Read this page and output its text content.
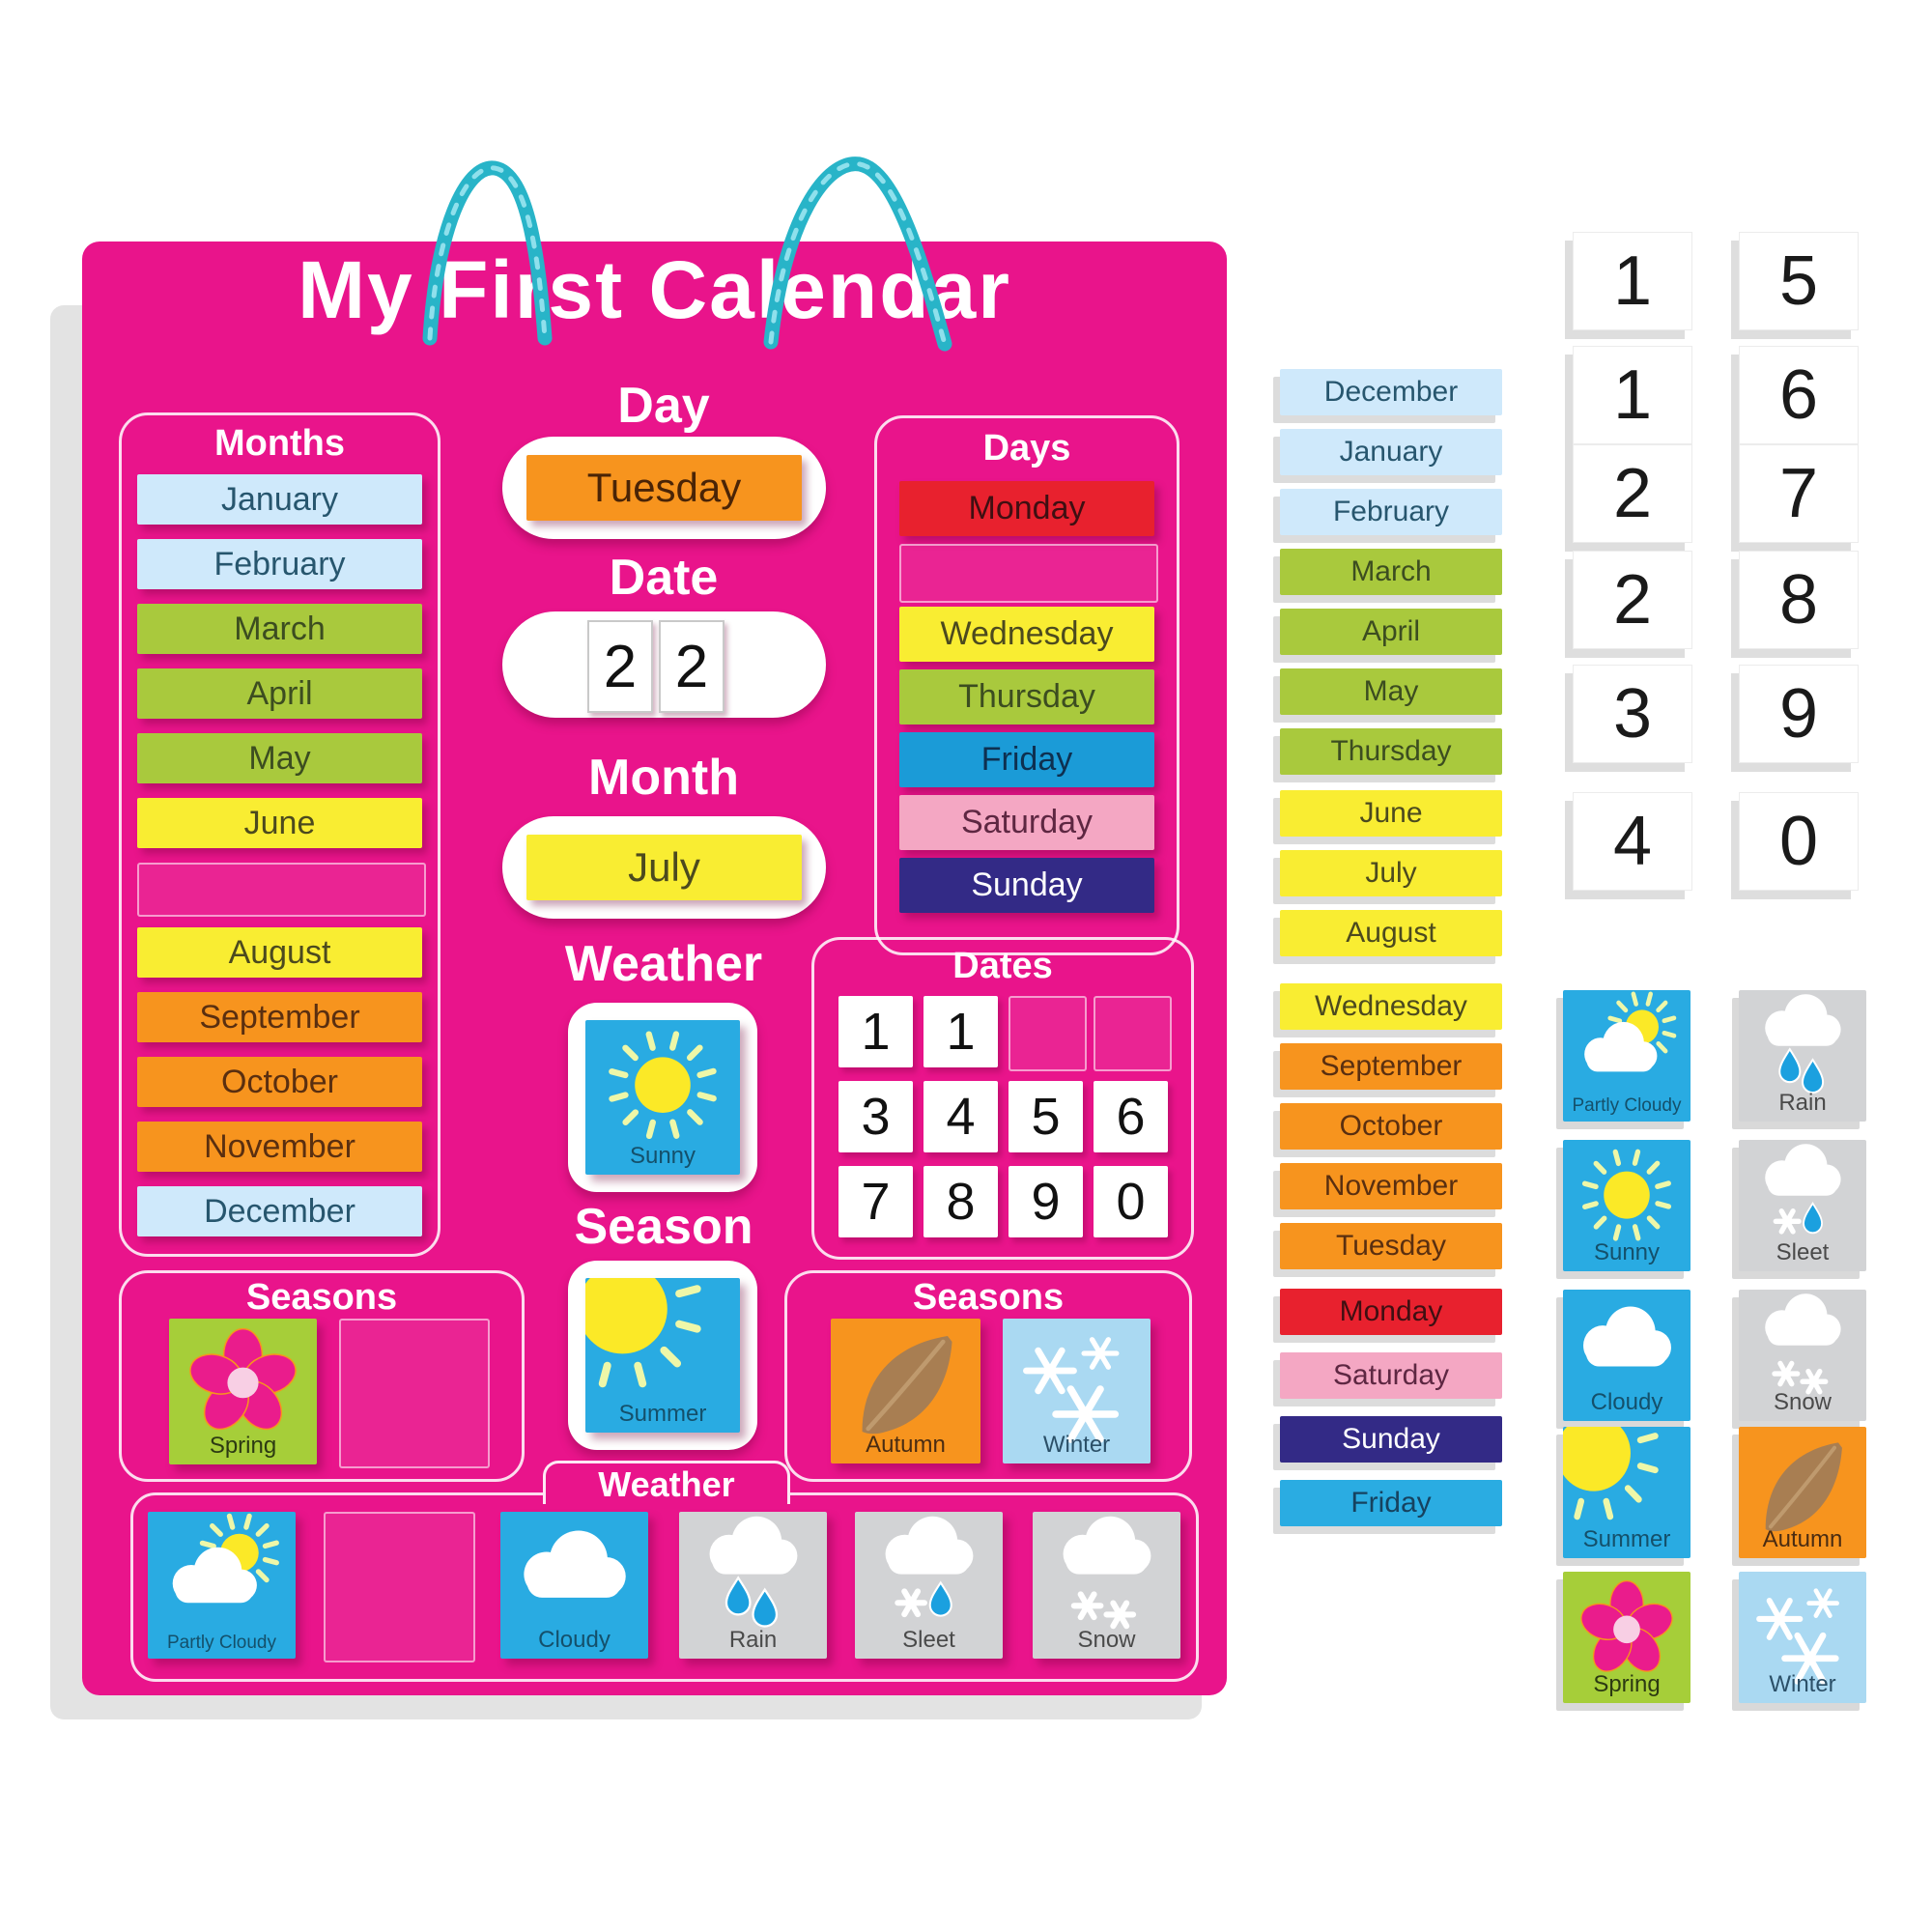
My First Calendar
Months
January
February
March
April
May
June
August
September
October
November
December
Day
Date
Month
Weather
Season
Tuesday
July
Days
Monday
Wednesday
Thursday
Friday
Saturday
Sunday
Dates
1	1
3	4	5	6
7	8	9	0
Seasons
Spring
Seasons
Autumn	Winter
Partly Cloudy	Cloudy	Rain	Sleet	Snow
Weather
2 2
Sunny
Summer
December
January
February
March
April
May
Thursday
June
July
August
Wednesday
September
October
November
Tuesday
Monday
Saturday
Sunday
Friday
1
1
2
2
3
4
5
6
7
8
9
0
Partly Cloudy
Sunny
Cloudy
Summer
Spring
Rain
Sleet
Snow
Autumn
Winter
